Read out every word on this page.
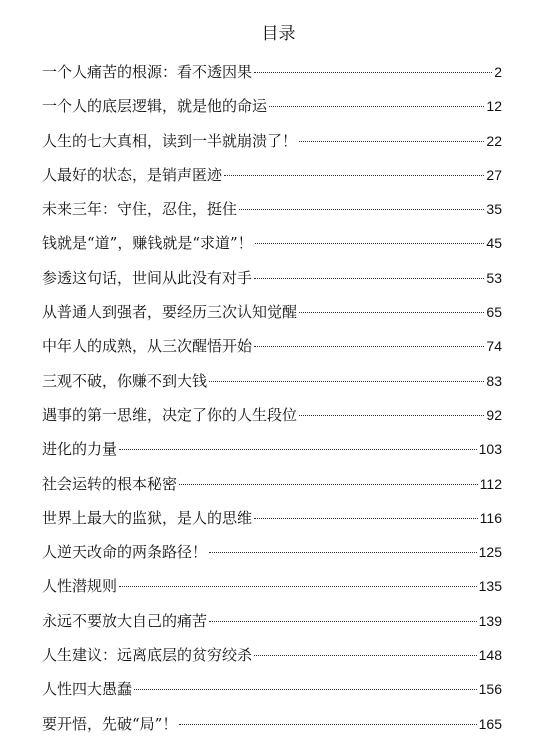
目录
一个人痛苦的根源：看不透因果	2
一个人的底层逻辑，就是他的命运	12
人生的七大真相，读到一半就崩溃了！	22
人最好的状态，是销声匿迹	27
未来三年：守住，忍住，挺住	35
钱就是“道”，赚钱就是“求道”！	45
参透这句话，世间从此没有对手	53
从普通人到强者，要经历三次认知觉醒	65
中年人的成熟，从三次醒悟开始	74
三观不破，你赚不到大钱	83
遇事的第一思维，决定了你的人生段位	92
进化的力量	103
社会运转的根本秘密	112
世界上最大的监狱，是人的思维	116
人逆天改命的两条路径！	125
人性潜规则	135
永远不要放大自己的痛苦	139
人生建议：远离底层的贫穷绞杀	148
人性四大愚蠢	156
要开悟，先破“局”！	165
